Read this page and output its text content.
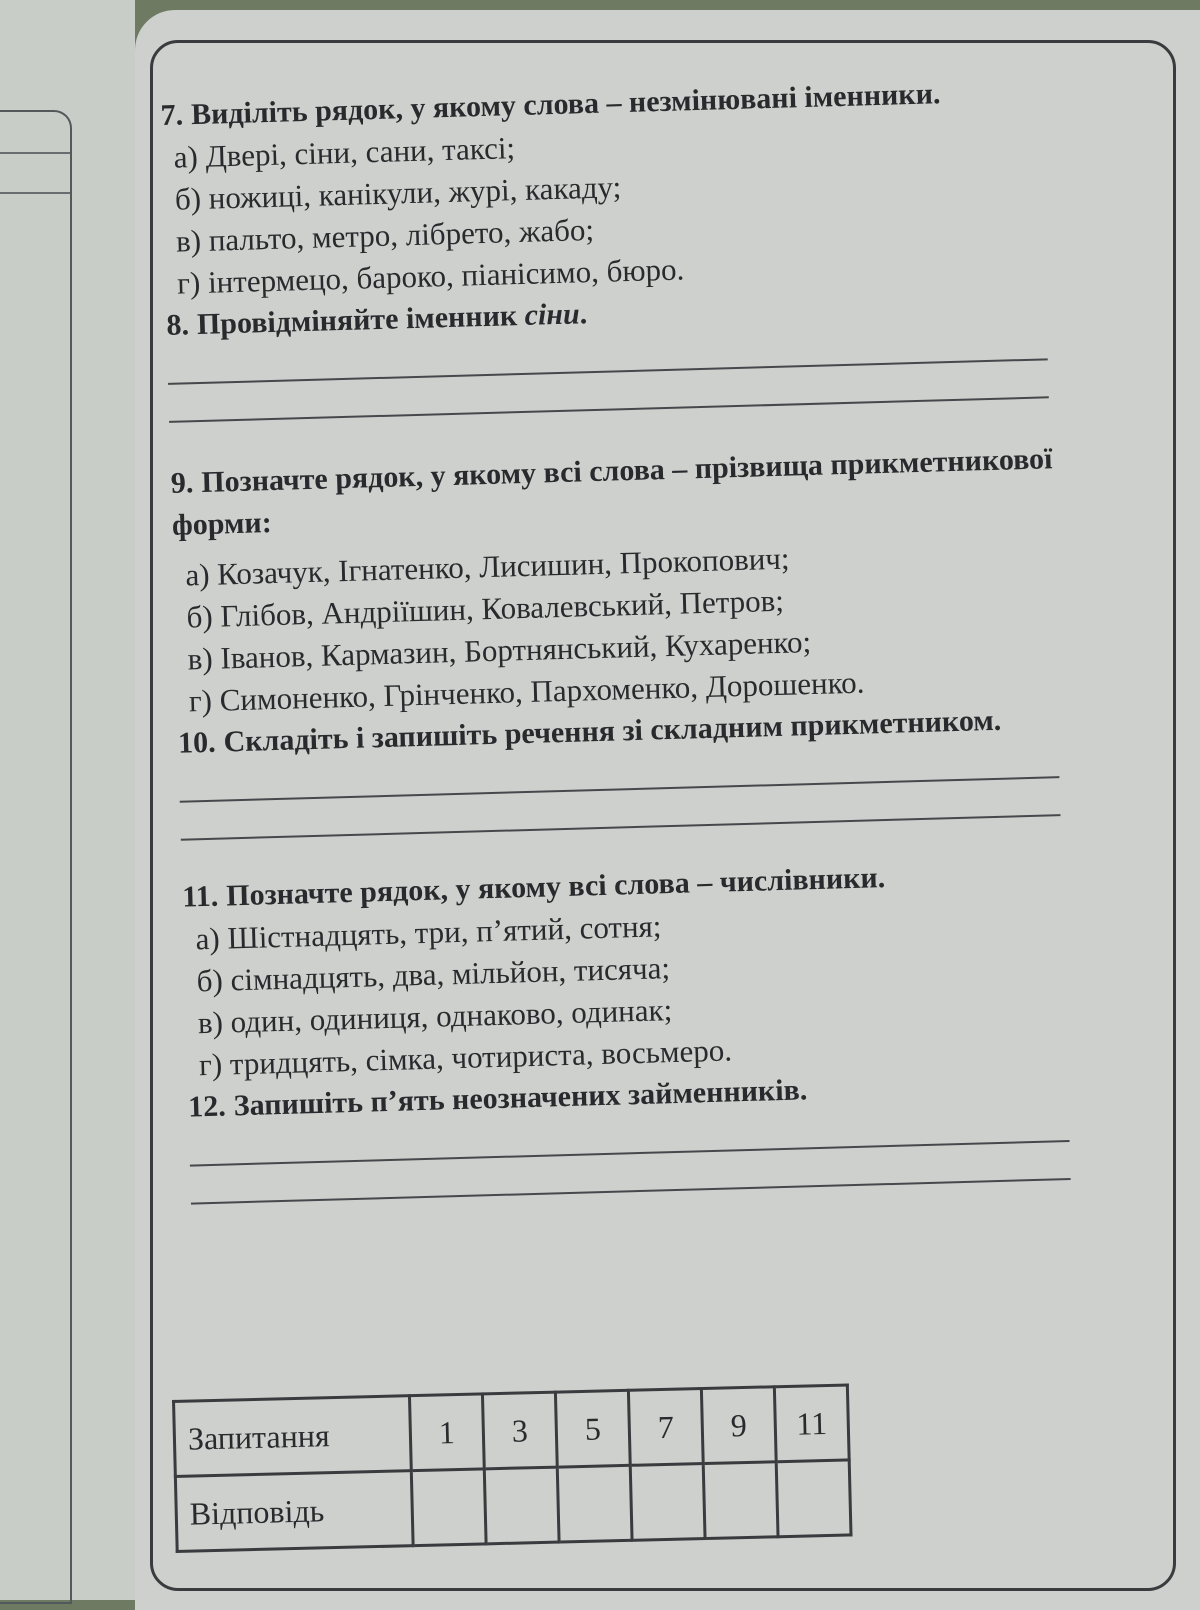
7. Виділіть рядок, у якому слова – незмінювані іменники.

а) Двері, сіни, сани, таксі;

б) ножиці, канікули, журі, какаду;

в) пальто, метро, лібрето, жабо;

г) інтермецо, бароко, піанісимо, бюро.

8. Провідміняйте іменник сіни.

9. Позначте рядок, у якому всі слова – прізвища прикметникової форми:

а) Козачук, Ігнатенко, Лисишин, Прокопович;

б) Глібов, Андріїшин, Ковалевський, Петров;

в) Іванов, Кармазин, Бортнянський, Кухаренко;

г) Симоненко, Грінченко, Пархоменко, Дорошенко.

10. Складіть і запишіть речення зі складним прикметником.

11. Позначте рядок, у якому всі слова – числівники.

а) Шістнадцять, три, п’ятий, сотня;

б) сімнадцять, два, мільйон, тисяча;

в) один, одиниця, однаково, одинак;

г) тридцять, сімка, чотириста, восьмеро.

12. Запишіть п’ять неозначених займенників.

Запитання	1	3	5	7	9	11
Відповідь						
